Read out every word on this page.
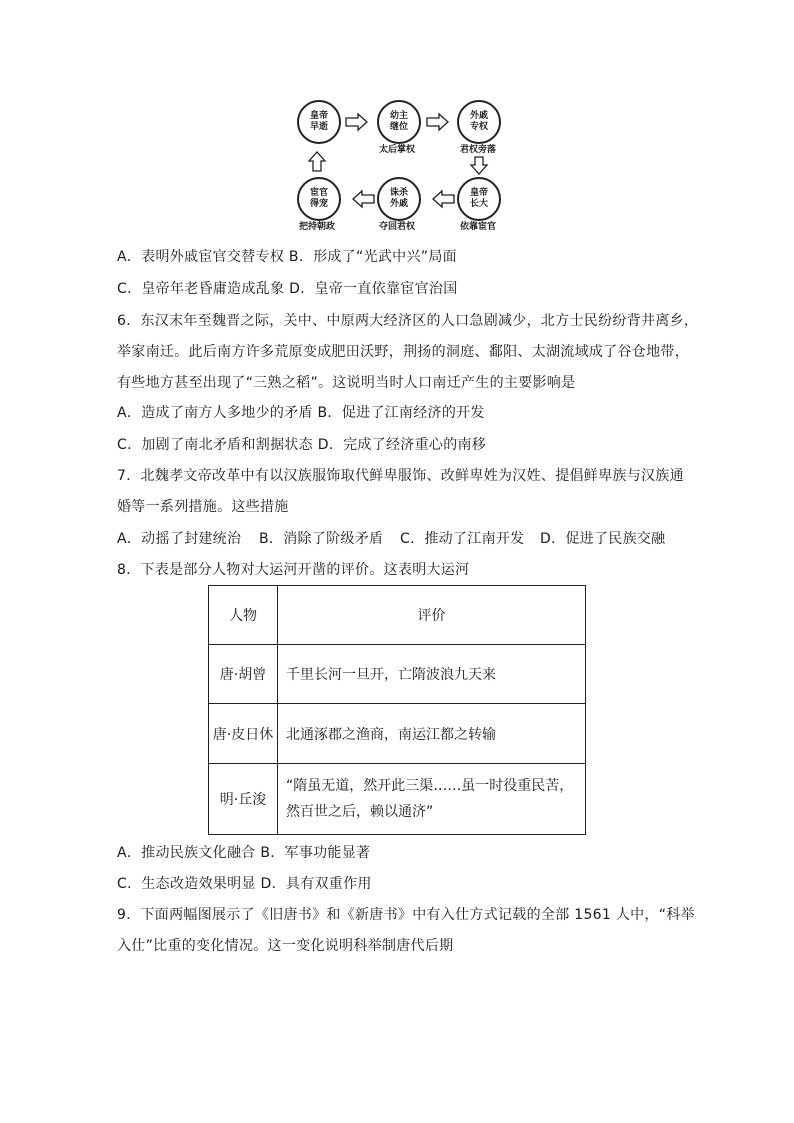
皇帝
早逝
幼主
继位
外戚
专权
皇帝
长大
诛杀
外戚
宦官
得宠
太后掌权	君权旁落
依靠宦官
夺回君权
把持朝政
A．表明外戚宦官交替专权 B．形成了“光武中兴”局面
C．皇帝年老昏庸造成乱象 D．皇帝一直依靠宦官治国
6．东汉末年至魏晋之际，关中、中原两大经济区的人口急剧减少，北方士民纷纷背井离乡，
举家南迁。此后南方许多荒原变成肥田沃野，荆扬的洞庭、鄱阳、太湖流域成了谷仓地带，
有些地方甚至出现了“三熟之稻”。这说明当时人口南迁产生的主要影响是
A．造成了南方人多地少的矛盾 B．促进了江南经济的开发
C．加剧了南北矛盾和割据状态 D．完成了经济重心的南移
7．北魏孝文帝改革中有以汉族服饰取代鲜卑服饰、改鲜卑姓为汉姓、提倡鲜卑族与汉族通
婚等一系列措施。这些措施
A．动摇了封建统治 B．消除了阶级矛盾 C．推动了江南开发 D．促进了民族交融
8．下表是部分人物对大运河开凿的评价。这表明大运河
人物	评价
唐·胡曾	千里长河一旦开，亡隋波浪九天来
唐·皮日休	北通涿郡之渔商，南运江都之转输
明·丘浚	“隋虽无道，然开此三渠……虽一时役重民苦，
然百世之后，赖以通济”
A．推动民族文化融合 B．军事功能显著
C．生态改造效果明显 D．具有双重作用
9．下面两幅图展示了《旧唐书》和《新唐书》中有入仕方式记载的全部 1561 人中，“科举
入仕”比重的变化情况。这一变化说明科举制唐代后期
